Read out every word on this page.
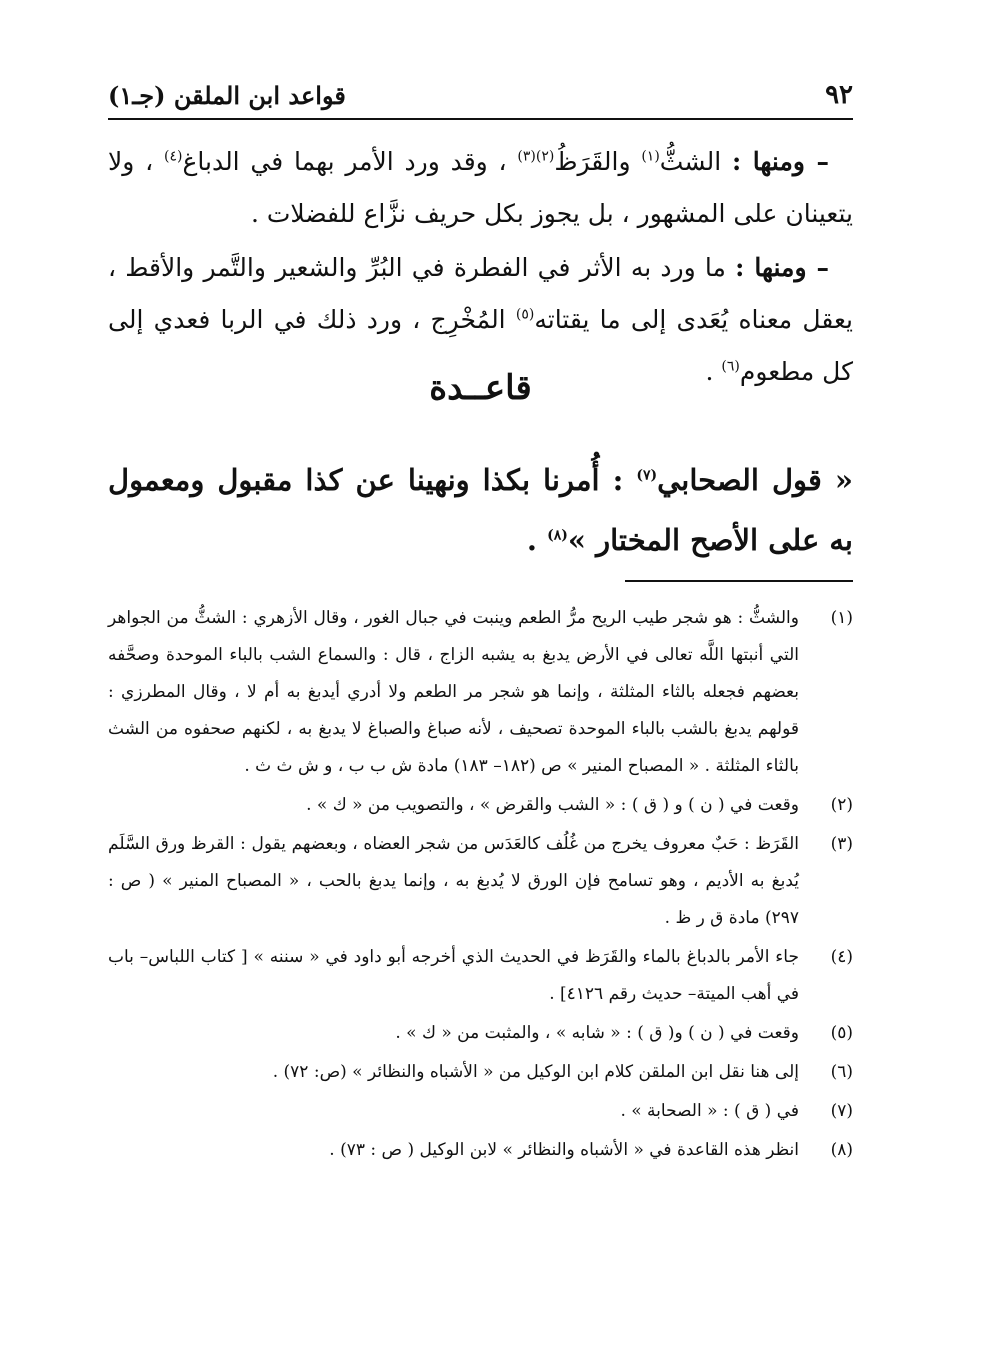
٩٢
قواعد ابن الملقن (جـ١)

– ومنها : الشثُّ$^{(١)}$ والقَرَظُ$^{(٢)(٣)}$ ، وقد ورد الأمر بهما في الدباغ$^{(٤)}$ ، ولا يتعينان على المشهور ، بل يجوز بكل حريف نزَّاع للفضلات .

– ومنها : ما ورد به الأثر في الفطرة في البُرِّ والشعير والتَّمر والأقط ، يعقل معناه يُعَدى إلى ما يقتاته$^{(٥)}$ المُخْرِج ، ورد ذلك في الربا فعدي إلى كل مطعوم$^{(٦)}$ .

قاعــدة
« قول الصحابي$^{(٧)}$ : أُمرنا بكذا ونهينا عن كذا مقبول ومعمول به على الأصح المختار »$^{(٨)}$ .
(١)
والشثُّ : هو شجر طيب الريح مرُّ الطعم وينبت في جبال الغور ، وقال الأزهري : الشثُّ من الجواهر التي أنبتها اللَّه تعالى في الأرض يدبغ به يشبه الزاج ، قال : والسماع الشب بالباء الموحدة وصحَّفه بعضهم فجعله بالثاء المثلثة ، وإنما هو شجر مر الطعم ولا أدري أيدبغ به أم لا ، وقال المطرزي : قولهم يدبغ بالشب بالباء الموحدة تصحيف ، لأنه صباغ والصباغ لا يدبغ به ، لكنهم صحفوه من الشث بالثاء المثلثة . « المصباح المنير » ص (١٨٢– ١٨٣) مادة ش ب ب ، و ش ث ث .
(٢)
وقعت في ( ن ) و ( ق ) : « الشب والقرض » ، والتصويب من « ك » .
(٣)
القَرَظ : حَبٌ معروف يخرج من غُلُف كالعَدَس من شجر العضاه ، وبعضهم يقول : القرظ ورق السَّلَم يُدبغ به الأديم ، وهو تسامح فإن الورق لا يُدبغ به ، وإنما يدبغ بالحب ، « المصباح المنير » ( ص : ٢٩٧) مادة ق ر ظ .
(٤)
جاء الأمر بالدباغ بالماء والقَرَظ في الحديث الذي أخرجه أبو داود في « سننه » [ كتاب اللباس– باب في أهب الميتة– حديث رقم ٤١٢٦] .
(٥)
وقعت في ( ن ) و( ق ) : « شابه » ، والمثبت من « ك » .
(٦)
إلى هنا نقل ابن الملقن كلام ابن الوكيل من « الأشباه والنظائر » (ص: ٧٢) .
(٧)
في ( ق ) : « الصحابة » .
(٨)
انظر هذه القاعدة في « الأشباه والنظائر » لابن الوكيل ( ص : ٧٣) .
